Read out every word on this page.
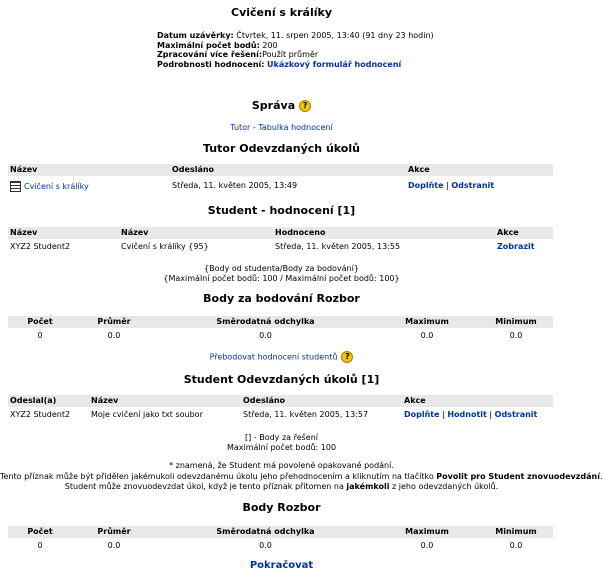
Cvičení s králíky
Datum uzávěrky: Čtvrtek, 11. srpen 2005, 13:40 (91 dny 23 hodin)
Maximální počet bodů: 200
Zpracování více řešení:Použít průměr
Podrobnosti hodnocení: Ukázkový formulář hodnocení
Správa ?
Tutor - Tabulka hodnocení
Tutor Odevzdaných úkolů
Název	Odesláno	Akce
Cvičení s králíky	Středa, 11. květen 2005, 13:49	Doplňte | Odstranit
Student - hodnocení [1]
Název	Název	Hodnoceno	Akce
XYZ2 Student2	Cvičení s králíky {95}	Středa, 11. květen 2005, 13:55	Zobrazit
{Body od studenta/Body za bodování}
{Maximální počet bodů: 100 / Maximální počet bodů: 100}
Body za bodování Rozbor
Počet	Průměr	Směrodatná odchylka	Maximum	Minimum
0	0.0	0.0	0.0	0.0
Přebodovat hodnocení studentů ?
Student Odevzdaných úkolů [1]
Odeslal(a)	Název	Odesláno	Akce
XYZ2 Student2	Moje cvičení jako txt soubor	Středa, 11. květen 2005, 13:57	Doplňte | Hodnotit | Odstranit
[] - Body za řešení
Maximální počet bodů: 100
* znamená, že Student má povolené opakované podání.
Tento příznak může být přidělen jakémukoli odevzdanému úkolu jeho přehodnocením a kliknutím na tlačítko Povolit pro Student znovuodevzdání.
Student může znovuodevzdat úkol, když je tento příznak přítomen na jakémkoli z jeho odevzdaných úkolů.
Body Rozbor
Počet	Průměr	Směrodatná odchylka	Maximum	Minimum
0	0.0	0.0	0.0	0.0
Pokračovat
